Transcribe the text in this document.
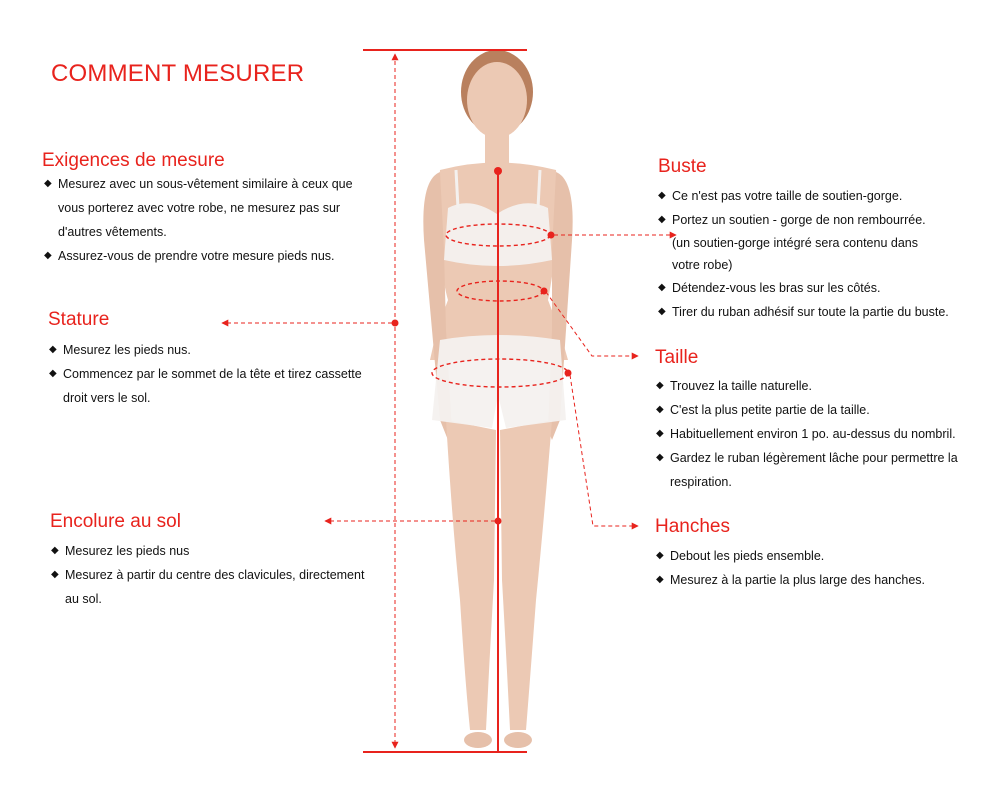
COMMENT MESURER
Exigences de mesure
◆ Mesurez avec un sous-vêtement similaire à ceux que
vous porterez avec votre robe, ne mesurez pas sur
d'autres vêtements.
◆ Assurez-vous de prendre votre mesure pieds nus.
Stature
◆ Mesurez les pieds nus.
◆ Commencez par le sommet de la tête et tirez cassette
droit vers le sol.
Encolure au sol
◆ Mesurez les pieds nus
◆ Mesurez à partir du centre des clavicules, directement
au sol.
Buste
◆ Ce n'est pas votre taille de soutien-gorge.
◆ Portez un soutien - gorge de non rembourrée.
(un soutien-gorge intégré sera contenu dans
votre robe)
◆ Détendez-vous les bras sur les côtés.
◆ Tirer du ruban adhésif sur toute la partie du buste.
Taille
◆ Trouvez la taille naturelle.
◆ C'est la plus petite partie de la taille.
◆ Habituellement environ 1 po. au-dessus du nombril.
◆ Gardez le ruban légèrement lâche pour permettre la
respiration.
Hanches
◆ Debout les pieds ensemble.
◆ Mesurez à la partie la plus large des hanches.
